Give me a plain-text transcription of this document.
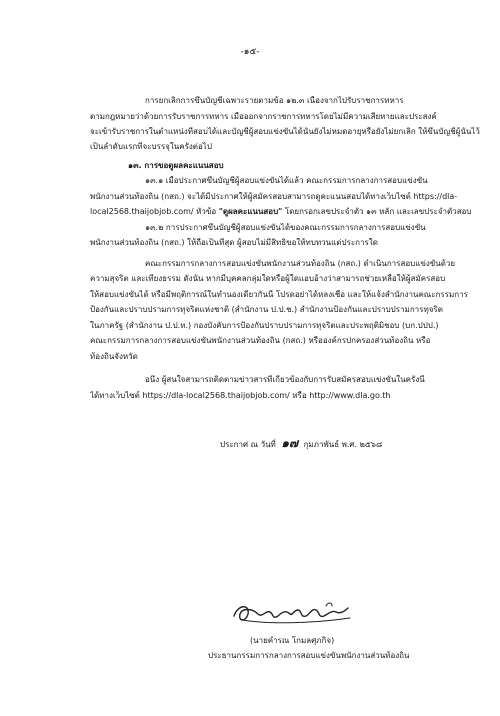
-๑๕-
การยกเลิกการขึ้นบัญชีเฉพาะรายตามข้อ ๑๒.๓ เนื่องจากไปรับราชการทหาร
ตามกฎหมายว่าด้วยการรับราชการทหาร เมื่อออกจากราชการทหารโดยไม่มีความเสียหายและประสงค์
จะเข้ารับราชการในตำแหน่งที่สอบได้และบัญชีผู้สอบแข่งขันได้นั้นยังไม่หมดอายุหรือยังไม่ยกเลิก ให้ขึ้นบัญชีผู้นั้นไว้
เป็นลำดับแรกที่จะบรรจุในครั้งต่อไป
๑๓. การขอดูผลคะแนนสอบ
๑๓.๑ เมื่อประกาศขึ้นบัญชีผู้สอบแข่งขันได้แล้ว คณะกรรมการกลางการสอบแข่งขัน
พนักงานส่วนท้องถิ่น (กสถ.) จะได้มีประกาศให้ผู้สมัครสอบสามารถดูคะแนนสอบได้ทางเว็บไซต์ https://dla-
local2568.thaijobjob.com/ หัวข้อ "ดูผลคะแนนสอบ" โดยกรอกเลขประจำตัว ๑๓ หลัก และเลขประจำตัวสอบ
๑๓.๒ การประกาศขึ้นบัญชีผู้สอบแข่งขันได้ของคณะกรรมการกลางการสอบแข่งขัน
พนักงานส่วนท้องถิ่น (กสถ.) ให้ถือเป็นที่สุด ผู้สอบไม่มีสิทธิขอให้ทบทวนแต่ประการใด
คณะกรรมการกลางการสอบแข่งขันพนักงานส่วนท้องถิ่น (กสถ.) ดำเนินการสอบแข่งขันด้วย
ความสุจริต และเที่ยงธรรม ดังนั้น หากมีบุคคลกลุ่มใดหรือผู้ใดแอบอ้างว่าสามารถช่วยเหลือให้ผู้สมัครสอบ
ให้สอบแข่งขันได้ หรือมีพฤติการณ์ในทำนองเดียวกันนี้ โปรดอย่าได้หลงเชื่อ และให้แจ้งสำนักงานคณะกรรมการ
ป้องกันและปราบปรามการทุจริตแห่งชาติ (สำนักงาน ป.ป.ช.) สำนักงานป้องกันและปราบปรามการทุจริต
ในภาครัฐ (สำนักงาน ป.ป.ท.) กองบังคับการป้องกันปราบปรามการทุจริตและประพฤติมิชอบ (บก.ปปป.)
คณะกรรมการกลางการสอบแข่งขันพนักงานส่วนท้องถิ่น (กสถ.) หรือองค์กรปกครองส่วนท้องถิ่น หรือ
ท้องถิ่นจังหวัด
อนึ่ง ผู้สนใจสามารถติดตามข่าวสารที่เกี่ยวข้องกับการรับสมัครสอบแข่งขันในครั้งนี้
ได้ทางเว็บไซต์ https://dla-local2568.thaijobjob.com/ หรือ http://www.dla.go.th
ประกาศ ณ วันที่ ๑๗ กุมภาพันธ์ พ.ศ. ๒๕๖๘
(นายคำรณ โกมลศุภกิจ)
ประธานกรรมการกลางการสอบแข่งขันพนักงานส่วนท้องถิ่น
